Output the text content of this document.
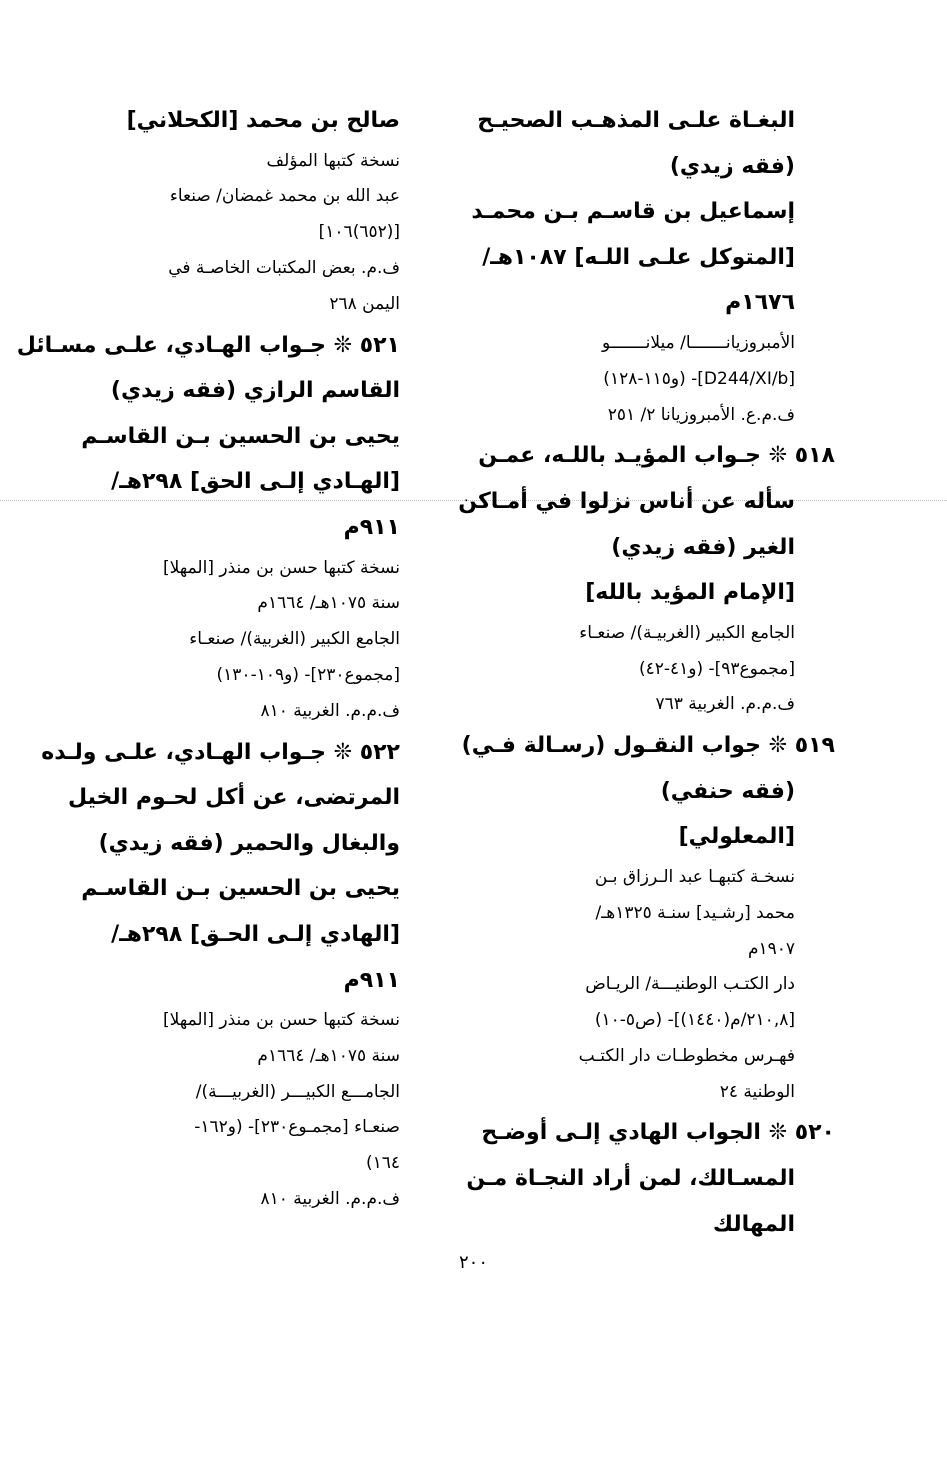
البغـاة علـى المذهـب الصحيـح

(فقه زيدي)

إسماعيل بن قاسـم بـن محمـد

[المتوكل علـى اللـه] ١٠٨٧هـ/

١٦٧٦م

الأمبروزيانـــــــا/ ميلانـــــــو

[D244/XI/b]- (و١١٥-١٢٨)

ف.م.ع. الأمبروزيانا ٢/ ٢٥١

٥١٨ ❊ جـواب المؤيـد باللـه، عمـن

سأله عن أناس نزلوا في أمـاكن

الغير (فقه زيدي)

[الإمام المؤيد بالله]

الجامع الكبير (الغربيـة)/ صنعـاء

[مجموع٩٣]- (و٤١-٤٢)

ف.م.م. الغربية ٧٦٣

٥١٩ ❊ جواب النقـول (رسـالة فـي)

(فقه حنفي)

[المعلولي]

نسخـة كتبهـا عبد الـرزاق بـن

محمد [رشـيد] سنـة ١٣٢٥هـ/

١٩٠٧م

دار الكتـب الوطنيـــة/ الريـاض

[٢١٠,٨/م(١٤٤٠)]- (ص٥-١٠)

فهـرس مخطوطـات دار الكتـب

الوطنية ٢٤

٥٢٠ ❊ الجواب الهادي إلـى أوضـح

المسـالك، لمن أراد النجـاة مـن

المهالك

صالح بن محمد [الكحلاني]

نسخة كتبها المؤلف

عبد الله بن محمد غمضان/ صنعاء

[(٦٥٢)١٠٦]

ف.م. بعض المكتبات الخاصـة في

اليمن ٢٦٨

٥٢١ ❊ جـواب الهـادي، علـى مسـائل

القاسم الرازي (فقه زيدي)

يحيى بن الحسين بـن القاسـم

[الهـادي إلـى الحق] ٢٩٨هـ/

٩١١م

نسخة كتبها حسن بن منذر [المهلا]

سنة ١٠٧٥هـ/ ١٦٦٤م

الجامع الكبير (الغربية)/ صنعـاء

[مجموع٢٣٠]- (و١٠٩-١٣٠)

ف.م.م. الغربية ٨١٠

٥٢٢ ❊ جـواب الهـادي، علـى ولـده

المرتضى، عن أكل لحـوم الخيل

والبغال والحمير (فقه زيدي)

يحيى بن الحسين بـن القاسـم

[الهادي إلـى الحـق] ٢٩٨هـ/

٩١١م

نسخة كتبها حسن بن منذر [المهلا]

سنة ١٠٧٥هـ/ ١٦٦٤م

الجامـــع الكبيـــر (الغربيـــة)/

صنعـاء [مجمـوع٢٣٠]- (و١٦٢-

١٦٤)

ف.م.م. الغربية ٨١٠

٢٠٠
